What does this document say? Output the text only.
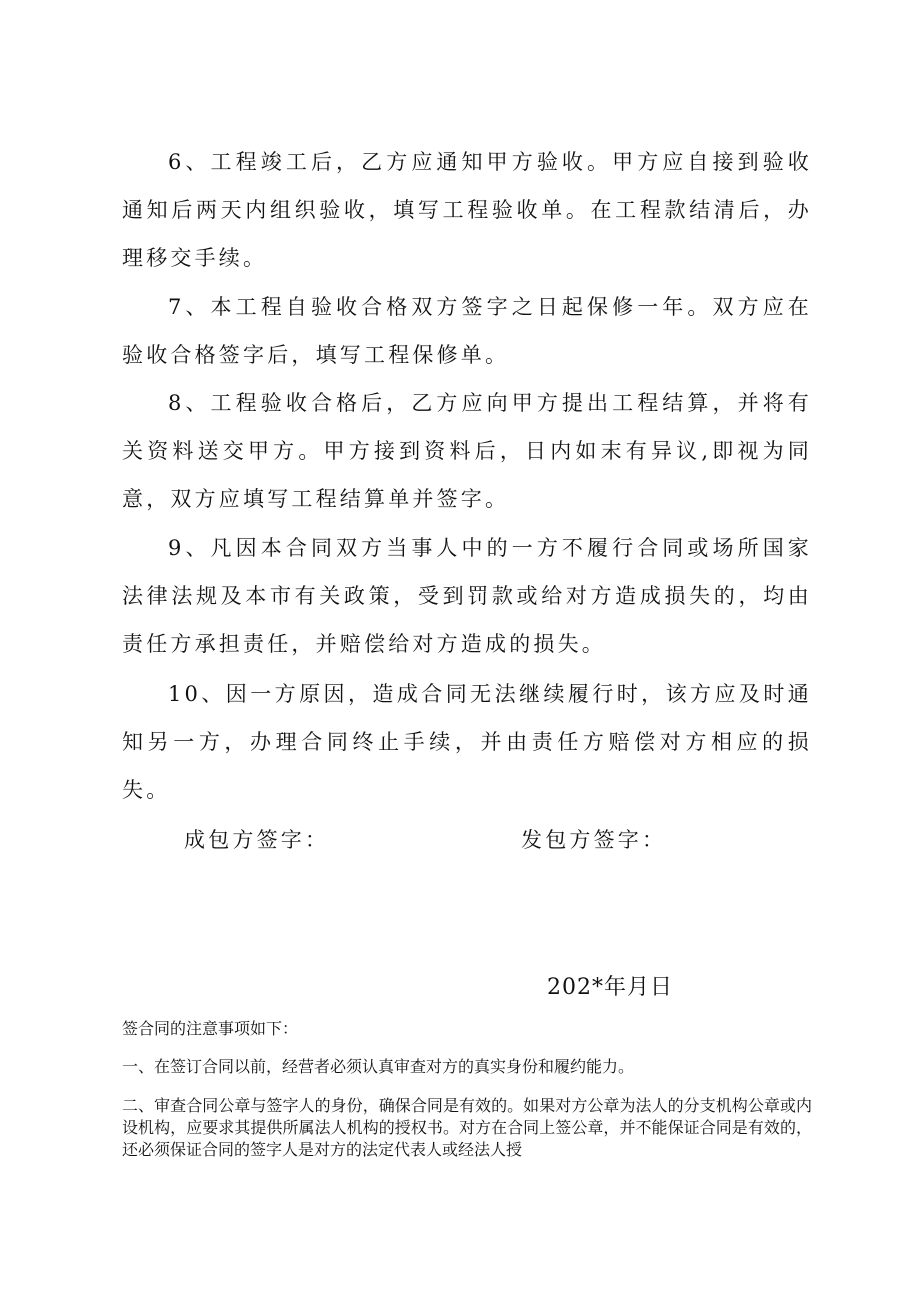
6、工程竣工后，乙方应通知甲方验收。甲方应自接到验收通知后两天内组织验收，填写工程验收单。在工程款结清后，办理移交手续。

7、本工程自验收合格双方签字之日起保修一年。双方应在验收合格签字后，填写工程保修单。

8、工程验收合格后，乙方应向甲方提出工程结算，并将有关资料送交甲方。甲方接到资料后，日内如末有异议,即视为同意，双方应填写工程结算单并签字。

9、凡因本合同双方当事人中的一方不履行合同或场所国家法律法规及本市有关政策，受到罚款或给对方造成损失的，均由责任方承担责任，并赔偿给对方造成的损失。

10、因一方原因，造成合同无法继续履行时，该方应及时通知另一方，办理合同终止手续，并由责任方赔偿对方相应的损失。

成包方签字：	发包方签字：
202*年月日

签合同的注意事项如下：

一、在签订合同以前，经营者必须认真审查对方的真实身份和履约能力。

二、审查合同公章与签字人的身份，确保合同是有效的。如果对方公章为法人的分支机构公章或内设机构，应要求其提供所属法人机构的授权书。对方在合同上签公章，并不能保证合同是有效的，还必须保证合同的签字人是对方的法定代表人或经法人授
